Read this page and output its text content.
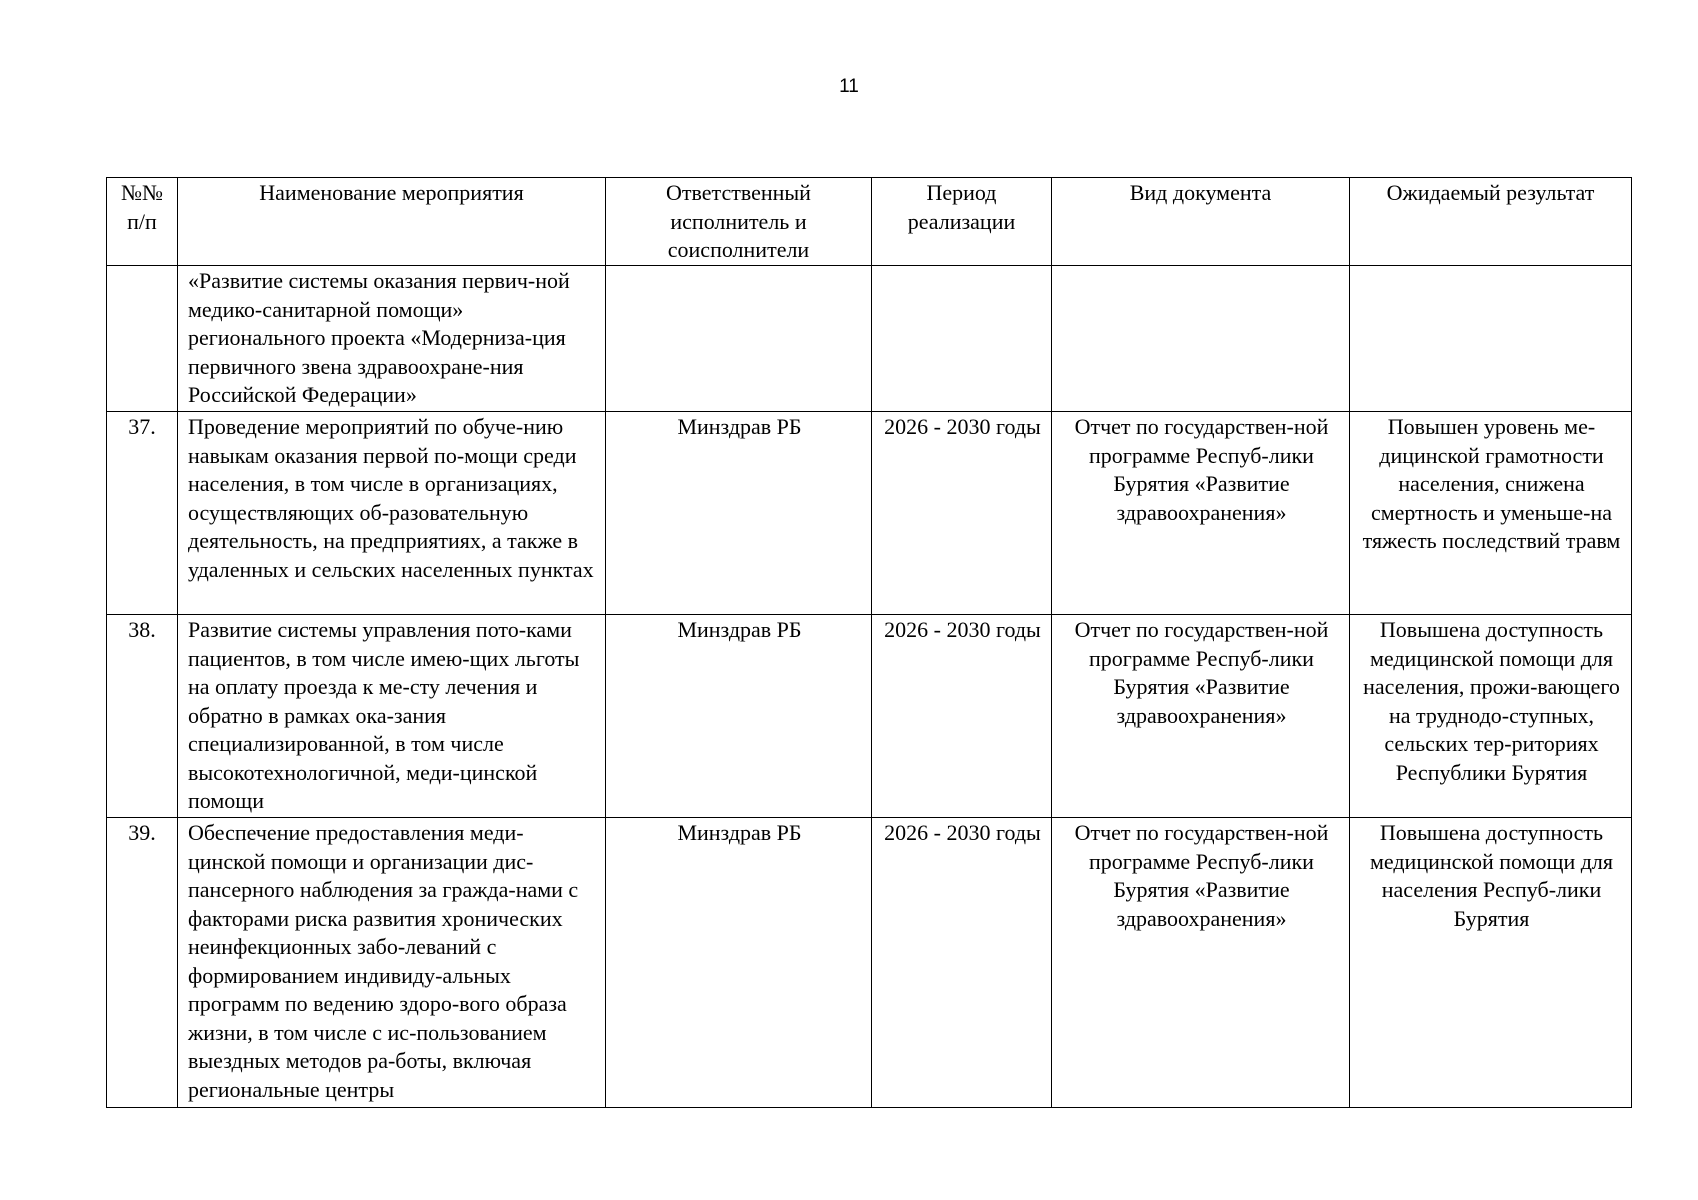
11
№№ п/п	Наименование мероприятия	Ответственный исполнитель и соисполнители	Период реализации	Вид документа	Ожидаемый результат
	«Развитие системы оказания первич-ной медико-санитарной помощи» регионального проекта «Модерниза-ция первичного звена здравоохране-ния Российской Федерации»				
37.	Проведение мероприятий по обуче-нию навыкам оказания первой по-мощи среди населения, в том числе в организациях, осуществляющих об-разовательную деятельность, на предприятиях, а также в удаленных и сельских населенных пунктах	Минздрав РБ	2026 - 2030 годы	Отчет по государствен-ной программе Респуб-лики Бурятия «Развитие здравоохранения»	Повышен уровень ме-дицинской грамотности населения, снижена смертность и уменьше-на тяжесть последствий травм
38.	Развитие системы управления пото-ками пациентов, в том числе имею-щих льготы на оплату проезда к ме-сту лечения и обратно в рамках ока-зания специализированной, в том числе высокотехнологичной, меди-цинской помощи	Минздрав РБ	2026 - 2030 годы	Отчет по государствен-ной программе Респуб-лики Бурятия «Развитие здравоохранения»	Повышена доступность медицинской помощи для населения, прожи-вающего на труднодо-ступных, сельских тер-риториях Республики Бурятия
39.	Обеспечение предоставления меди-цинской помощи и организации дис-пансерного наблюдения за гражда-нами с факторами риска развития хронических неинфекционных забо-леваний с формированием индивиду-альных программ по ведению здоро-вого образа жизни, в том числе с ис-пользованием выездных методов ра-боты, включая региональные центры	Минздрав РБ	2026 - 2030 годы	Отчет по государствен-ной программе Респуб-лики Бурятия «Развитие здравоохранения»	Повышена доступность медицинской помощи для населения Респуб-лики Бурятия
